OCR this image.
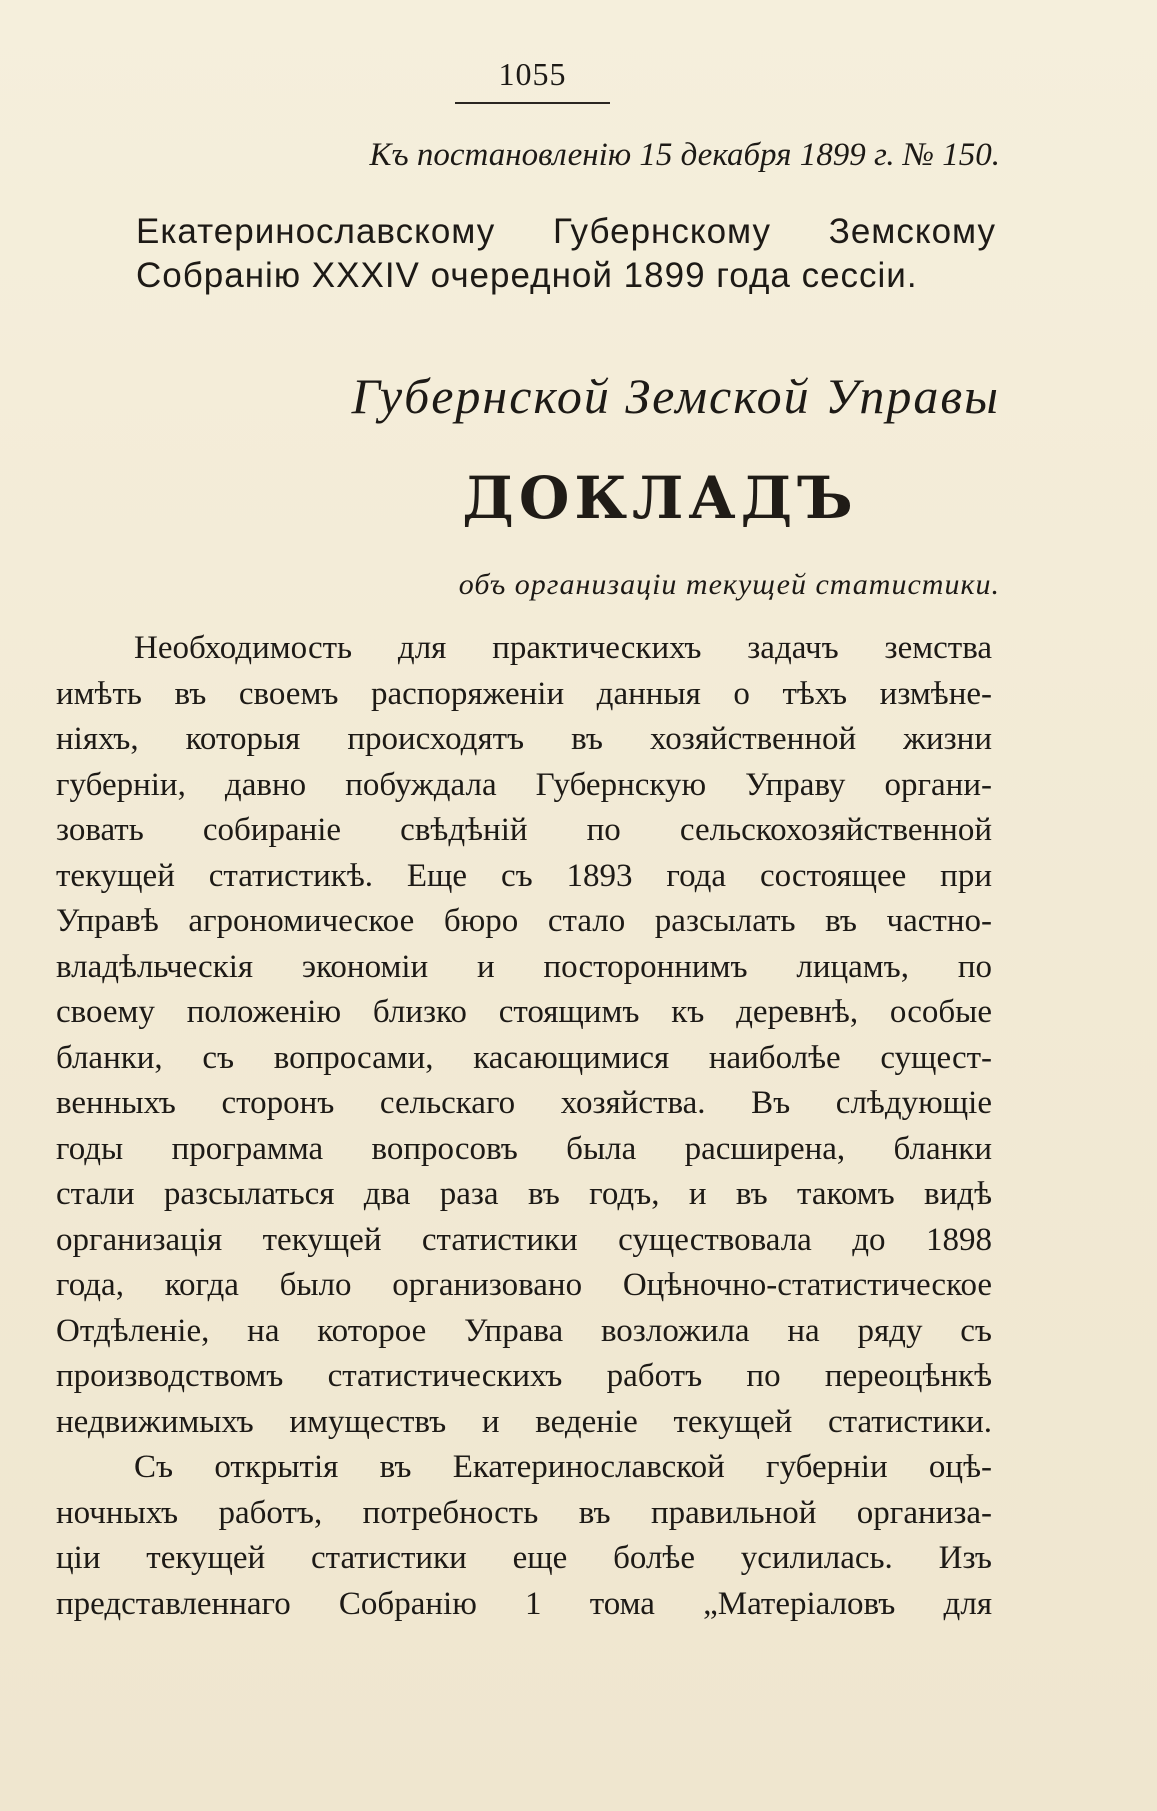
1055
Къ постановленію 15 декабря 1899 г. № 150.
Екатеринославскому Губернскому Земскому
Собранію XXXIV очередной 1899 года сессіи.
Губернской Земской Управы
ДОКЛАДЪ
объ организаціи текущей статистики.
Необходимость для практическихъ задачъ земства
имѣть въ своемъ распоряженіи данныя о тѣхъ измѣне-
ніяхъ, которыя происходятъ въ хозяйственной жизни
губерніи, давно побуждала Губернскую Управу органи-
зовать собираніе свѣдѣній по сельскохозяйственной
текущей статистикѣ. Еще съ 1893 года состоящее при
Управѣ агрономическое бюро стало разсылать въ частно-
владѣльческія экономіи и постороннимъ лицамъ, по
своему положенію близко стоящимъ къ деревнѣ, особые
бланки, съ вопросами, касающимися наиболѣе сущест-
венныхъ сторонъ сельскаго хозяйства. Въ слѣдующіе
годы программа вопросовъ была расширена, бланки
стали разсылаться два раза въ годъ, и въ такомъ видѣ
организація текущей статистики существовала до 1898
года, когда было организовано Оцѣночно-статистическое
Отдѣленіе, на которое Управа возложила на ряду съ
производствомъ статистическихъ работъ по переоцѣнкѣ
недвижимыхъ имуществъ и веденіе текущей статистики.
Съ открытія въ Екатеринославской губерніи оцѣ-
ночныхъ работъ, потребность въ правильной организа-
ціи текущей статистики еще болѣе усилилась. Изъ
представленнаго Собранію 1 тома „Матеріаловъ для
